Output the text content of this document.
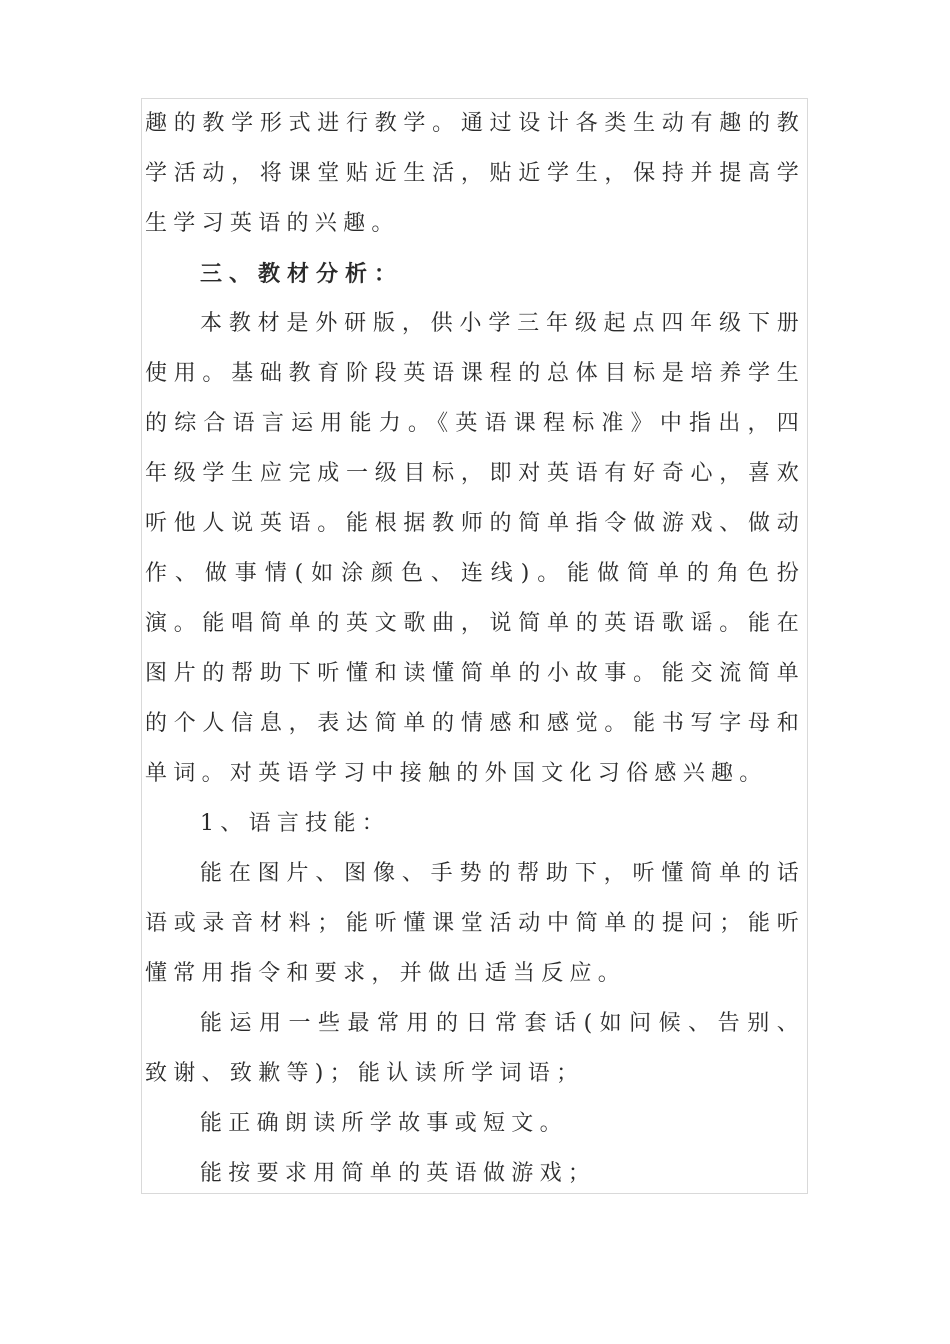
趣的教学形式进行教学。通过设计各类生动有趣的教学活动，将课堂贴近生活，贴近学生，保持并提高学生学习英语的兴趣。

三、教材分析：

本教材是外研版，供小学三年级起点四年级下册使用。基础教育阶段英语课程的总体目标是培养学生的综合语言运用能力。《英语课程标准》中指出，四年级学生应完成一级目标，即对英语有好奇心，喜欢听他人说英语。能根据教师的简单指令做游戏、做动作、做事情(如涂颜色、连线)。能做简单的角色扮演。能唱简单的英文歌曲，说简单的英语歌谣。能在图片的帮助下听懂和读懂简单的小故事。能交流简单的个人信息，表达简单的情感和感觉。能书写字母和单词。对英语学习中接触的外国文化习俗感兴趣。

1、语言技能：

能在图片、图像、手势的帮助下，听懂简单的话语或录音材料；能听懂课堂活动中简单的提问；能听懂常用指令和要求，并做出适当反应。

能运用一些最常用的日常套话(如问候、告别、致谢、致歉等)；能认读所学词语；

能正确朗读所学故事或短文。

能按要求用简单的英语做游戏；
